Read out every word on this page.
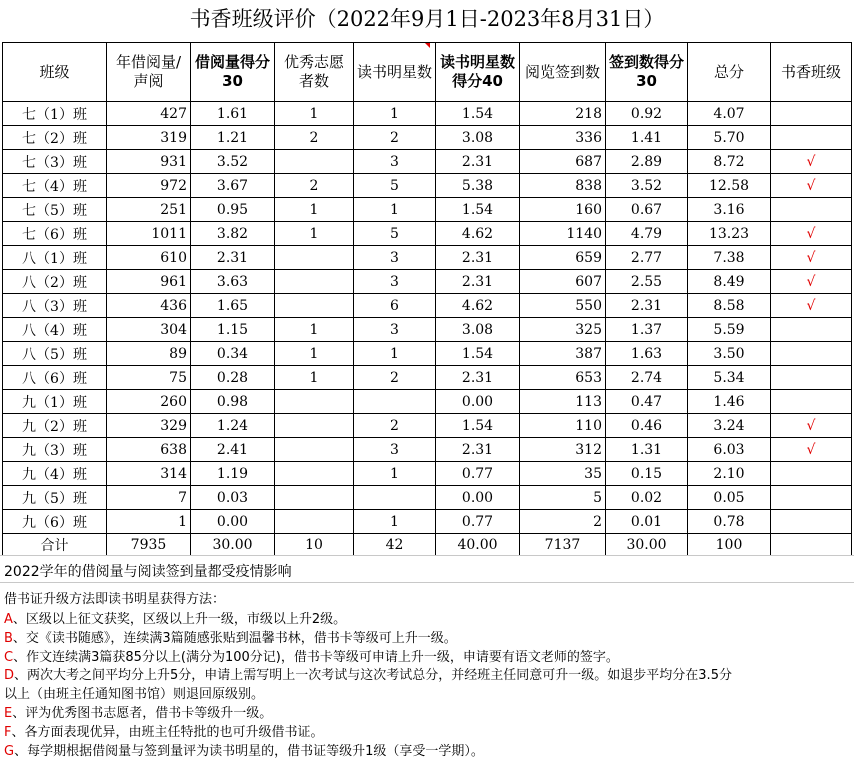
书香班级评价（2022年9月1日-2023年8月31日）
班级	年借阅量/声阅	借阅量得分30	优秀志愿者数	读书明星数	读书明星数得分40	阅览签到数	签到数得分30	总分	书香班级
七（1）班	427	1.61	1	1	1.54	218	0.92	4.07	
七（2）班	319	1.21	2	2	3.08	336	1.41	5.70	
七（3）班	931	3.52		3	2.31	687	2.89	8.72	√
七（4）班	972	3.67	2	5	5.38	838	3.52	12.58	√
七（5）班	251	0.95	1	1	1.54	160	0.67	3.16	
七（6）班	1011	3.82	1	5	4.62	1140	4.79	13.23	√
八（1）班	610	2.31		3	2.31	659	2.77	7.38	√
八（2）班	961	3.63		3	2.31	607	2.55	8.49	√
八（3）班	436	1.65		6	4.62	550	2.31	8.58	√
八（4）班	304	1.15	1	3	3.08	325	1.37	5.59	
八（5）班	89	0.34	1	1	1.54	387	1.63	3.50	
八（6）班	75	0.28	1	2	2.31	653	2.74	5.34	
九（1）班	260	0.98			0.00	113	0.47	1.46	
九（2）班	329	1.24		2	1.54	110	0.46	3.24	√
九（3）班	638	2.41		3	2.31	312	1.31	6.03	√
九（4）班	314	1.19		1	0.77	35	0.15	2.10	
九（5）班	7	0.03			0.00	5	0.02	0.05	
九（6）班	1	0.00		1	0.77	2	0.01	0.78	
合计	7935	30.00	10	42	40.00	7137	30.00	100	
2022学年的借阅量与阅读签到量都受疫情影响
借书证升级方法即读书明星获得方法：
A、区级以上征文获奖，区级以上升一级，市级以上升2级。
B、交《读书随感》，连续满3篇随感张贴到温馨书林，借书卡等级可上升一级。
C、作文连续满3篇获85分以上(满分为100分记)，借书卡等级可申请上升一级，申请要有语文老师的签字。
D、两次大考之间平均分上升5分，申请上需写明上一次考试与这次考试总分，并经班主任同意可升一级。如退步平均分在3.5分
以上（由班主任通知图书馆）则退回原级别。
E、评为优秀图书志愿者，借书卡等级升一级。
F、各方面表现优异，由班主任特批的也可升级借书证。
G、每学期根据借阅量与签到量评为读书明星的，借书证等级升1级（享受一学期）。
